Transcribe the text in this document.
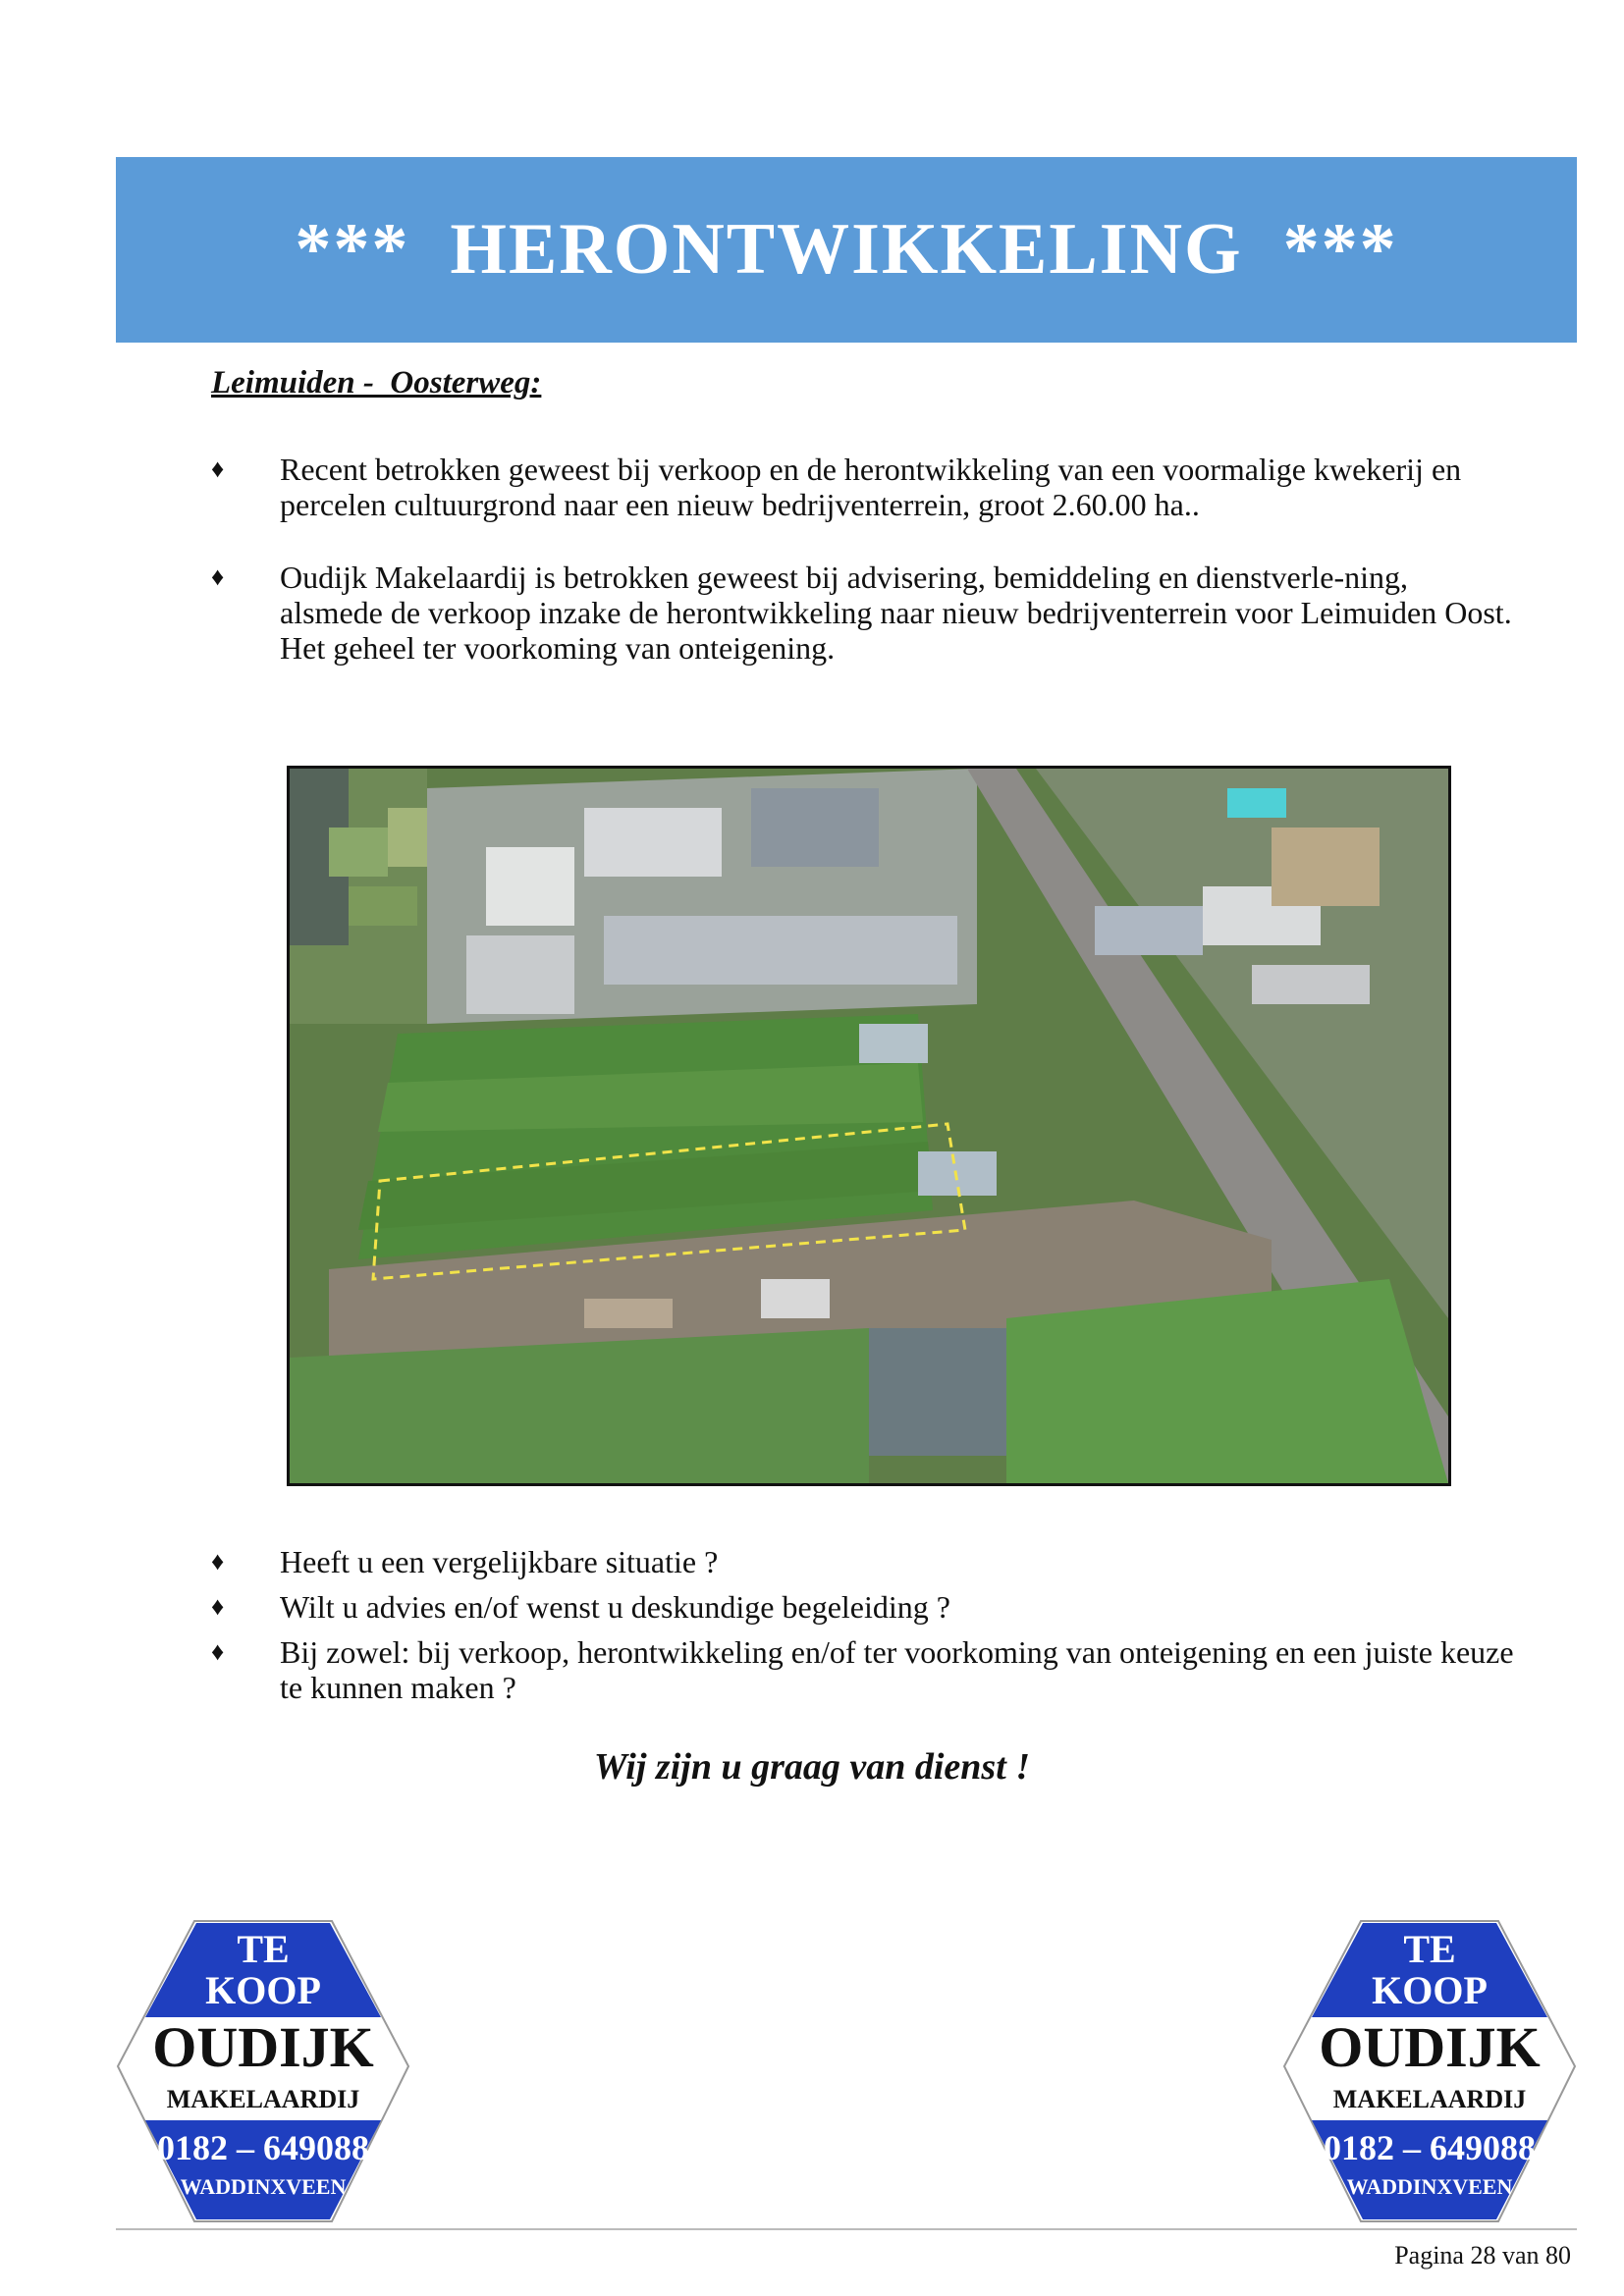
***  HERONTWIKKELING  ***
Leimuiden -  Oosterweg:
♦ Recent betrokken geweest bij verkoop en de herontwikkeling van een voormalige kwekerij en percelen cultuurgrond naar een nieuw bedrijventerrein, groot 2.60.00 ha..
♦ Oudijk Makelaardij is betrokken geweest bij advisering, bemiddeling en dienstverle-ning, alsmede de verkoop inzake de herontwikkeling naar nieuw bedrijventerrein voor Leimuiden Oost.
Het geheel ter voorkoming van onteigening.
♦ Heeft u een vergelijkbare situatie ?
♦ Wilt u advies en/of wenst u deskundige begeleiding ?
♦ Bij zowel: bij verkoop, herontwikkeling en/of ter voorkoming van onteigening en een juiste keuze te kunnen maken ?
Wij zijn u graag van dienst !
TE
KOOP
OUDIJK
MAKELAARDIJ
0182 – 649088
WADDINXVEEN
TE
KOOP
OUDIJK
MAKELAARDIJ
0182 – 649088
WADDINXVEEN
Pagina 28 van 80
